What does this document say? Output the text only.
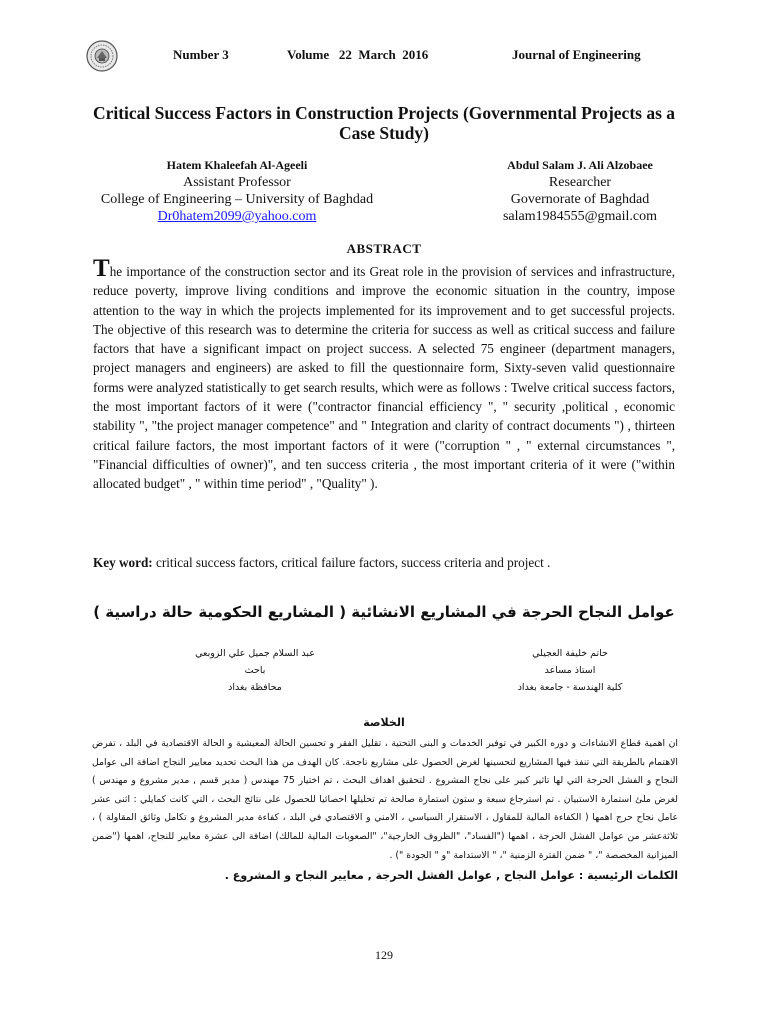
Number 3	Volume   22  March  2016	Journal of Engineering
Critical Success Factors in Construction Projects (Governmental Projects as a Case Study)
Hatem Khaleefah Al-Ageeli
Assistant Professor
College of Engineering – University of Baghdad
Dr0hatem2099@yahoo.com
Abdul Salam J. Ali Alzobaee
Researcher
Governorate of Baghdad
salam1984555@gmail.com
ABSTRACT
The importance of the construction sector and its Great role in the provision of services and infrastructure, reduce poverty, improve living conditions and improve the economic situation in the country, impose attention to the way in which the projects implemented for its improvement and to get successful projects. The objective of this research was to determine the criteria for success as well as critical success and failure factors that have a significant impact on project success. A selected 75 engineer (department managers, project managers and engineers) are asked to fill the questionnaire form, Sixty-seven valid questionnaire forms were analyzed statistically to get search results, which were as follows : Twelve critical success factors, the most important factors of it were ("contractor financial efficiency ", " security ,political , economic stability ", "the project manager competence" and " Integration and clarity of contract documents ") , thirteen critical failure factors, the most important factors of it were ("corruption " , " external circumstances ", "Financial difficulties of owner)", and ten success criteria , the most important criteria of it were ("within allocated budget" , " within time period" , "Quality" ).
Key word: critical success factors, critical failure factors, success criteria and project .
عوامل النجاح الحرجة في المشاريع الانشائية ( المشاريع الحكومية حالة دراسية )
حاتم خليفة العجيلي
استاذ مساعد
كلية الهندسة - جامعة بغداد
عبد السلام جميل علي الزوبعي
باحث
محافظة بغداد
الخلاصة
ان اهمية قطاع الانشاءات و دوره الكبير في توفير الخدمات و البنى التحتية ، تقليل الفقر و تحسين الحالة المعيشية و الحالة الاقتصادية في البلد ، تفرض الاهتمام بالطريقة التي تنفذ فيها المشاريع لتحسينها لغرض الحصول على مشاريع ناجحة. كان الهدف من هذا البحث تحديد معايير النجاح اضافة الى عوامل النجاح و الفشل الحرجة التي لها تاثير كبير على نجاح المشروع . لتحقيق اهداف البحث ، تم اختيار 75 مهندس ( مدير قسم , مدير مشروع و مهندس ) لغرض ملئ استمارة الاستبيان . تم استرجاع سبعة و ستون استمارة صالحة تم تحليلها احصائيا للحصول على نتائج البحث ، التي كانت كمايلي : اثنى عشر عامل نجاح حرج اهمها ( الكفاءة المالية للمقاول ، الاستقرار السياسي ، الامني و الاقتصادي في البلد ، كفاءة مدير المشروع و تكامل وثائق المقاولة ) ، ثلاثةعشر من عوامل الفشل الحرجة ، اهمها ("الفساد"، "الظروف الخارجية"، "الصعوبات المالية للمالك) اضافة الى عشرة معايير للنجاح، اهمها ("ضمن الميزانية المخصصة "، " ضمن الفترة الزمنية "، " الاستدامة "و " الجودة ") .
الكلمات الرئيسية : عوامل النجاح , عوامل الفشل الحرجة , معايير النجاح و المشروع .
129
